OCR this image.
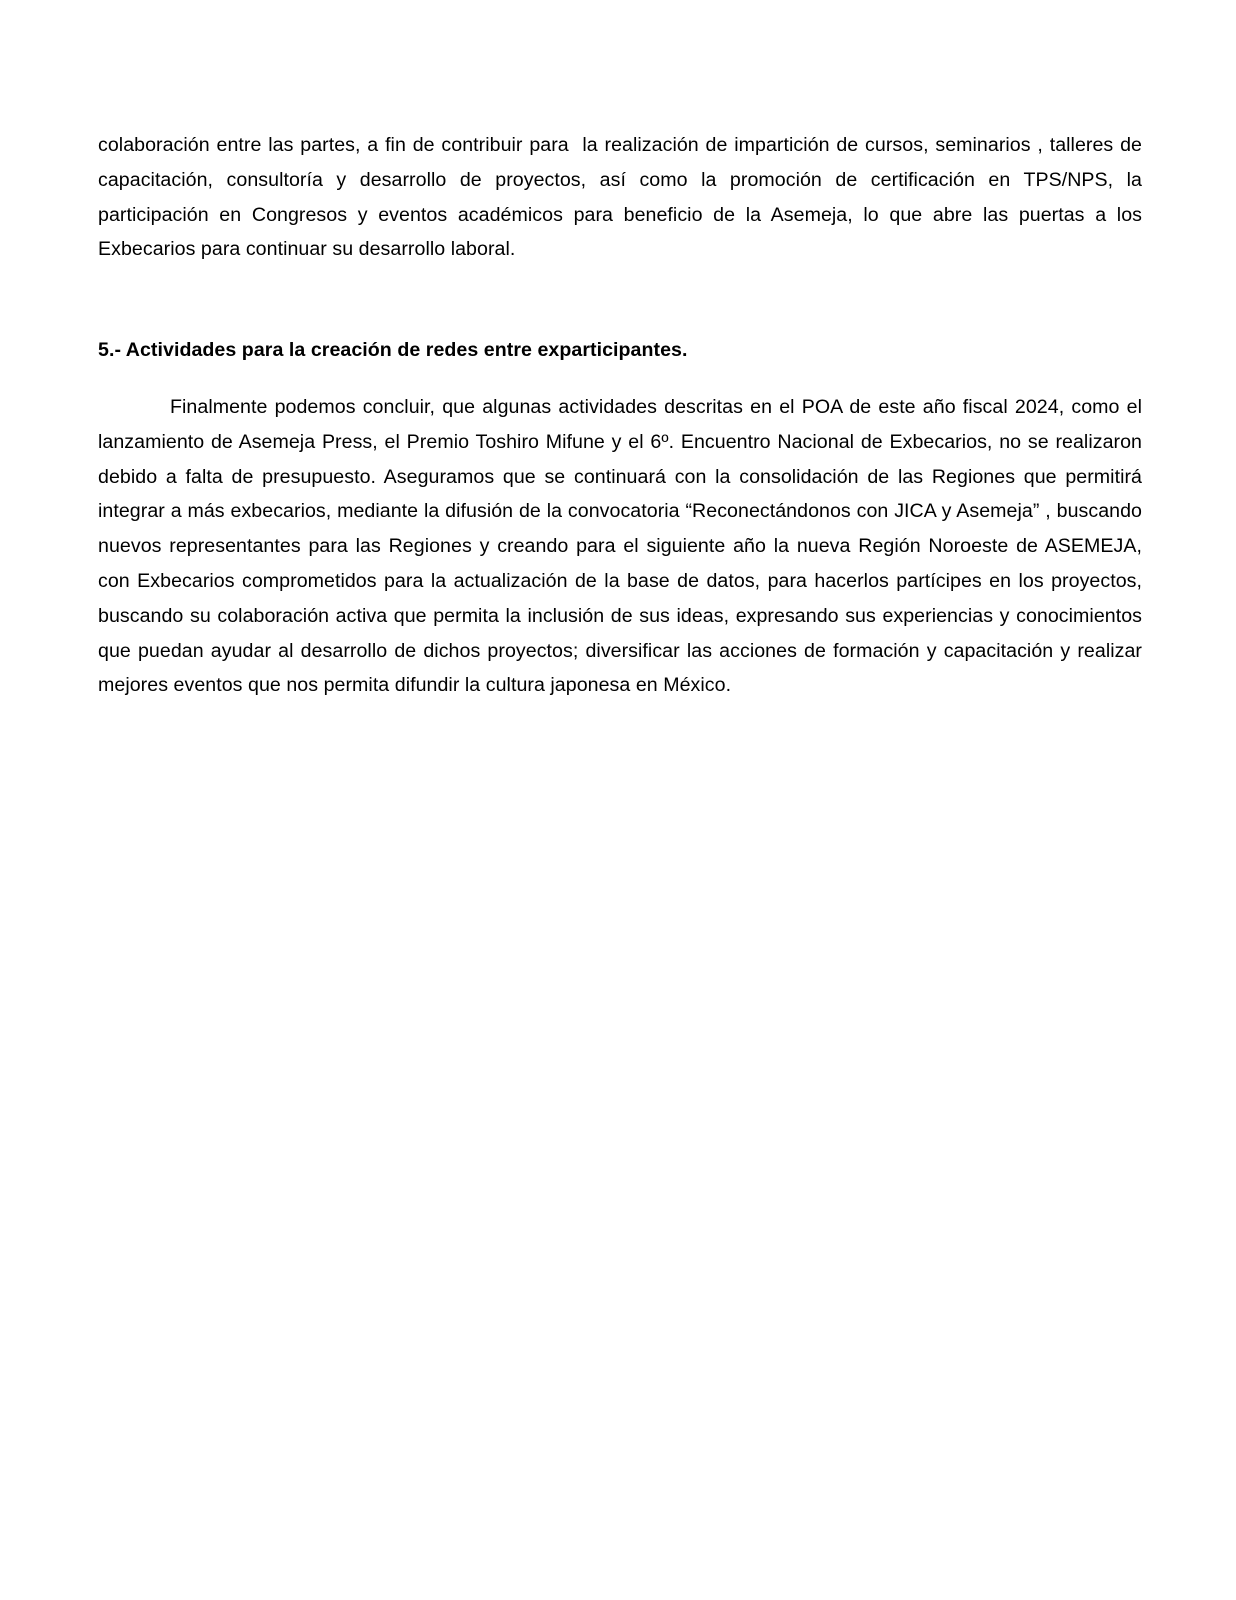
colaboración entre las partes, a fin de contribuir para  la realización de impartición de cursos, seminarios , talleres de capacitación, consultoría y desarrollo de proyectos, así como la promoción de certificación en TPS/NPS, la participación en Congresos y eventos académicos para beneficio de la Asemeja, lo que abre las puertas a los Exbecarios para continuar su desarrollo laboral.

5.- Actividades para la creación de redes entre exparticipantes.

Finalmente podemos concluir, que algunas actividades descritas en el POA de este año fiscal 2024, como el lanzamiento de Asemeja Press, el Premio Toshiro Mifune y el 6º. Encuentro Nacional de Exbecarios, no se realizaron debido a falta de presupuesto. Aseguramos que se continuará con la consolidación de las Regiones que permitirá integrar a más exbecarios, mediante la difusión de la convocatoria “Reconectándonos con JICA y Asemeja” , buscando nuevos representantes para las Regiones y creando para el siguiente año la nueva Región Noroeste de ASEMEJA, con Exbecarios comprometidos para la actualización de la base de datos, para hacerlos partícipes en los proyectos, buscando su colaboración activa que permita la inclusión de sus ideas, expresando sus experiencias y conocimientos que puedan ayudar al desarrollo de dichos proyectos; diversificar las acciones de formación y capacitación y realizar mejores eventos que nos permita difundir la cultura japonesa en México.
